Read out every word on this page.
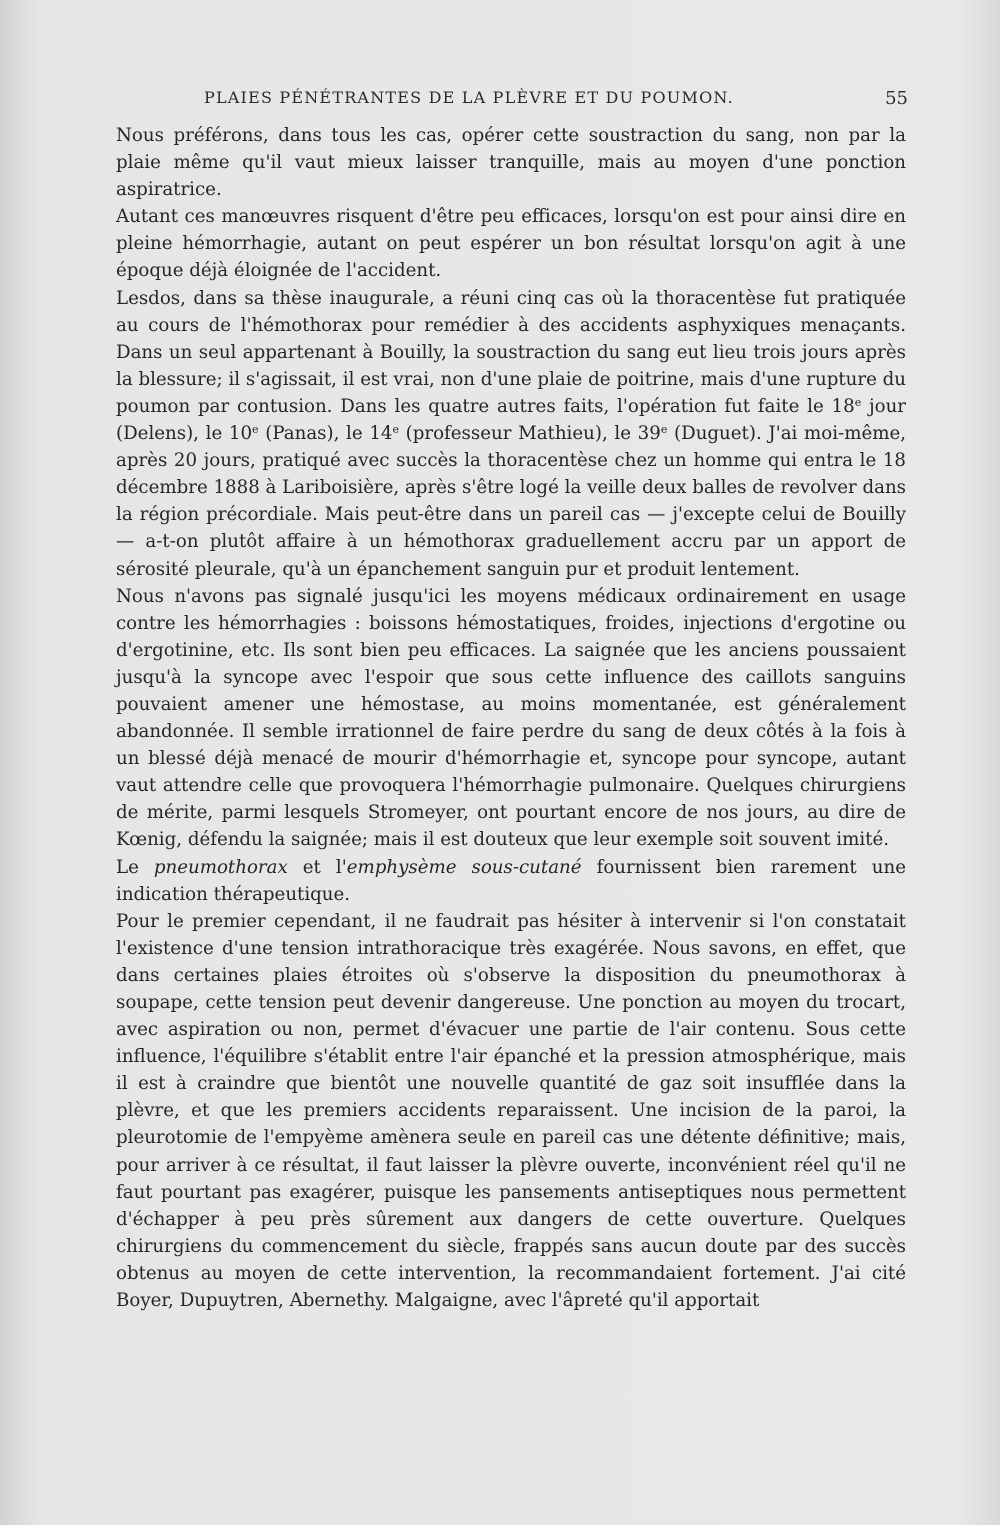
PLAIES PÉNÉTRANTES DE LA PLÈVRE ET DU POUMON.	55

Nous préférons, dans tous les cas, opérer cette soustraction du sang, non par la plaie même qu'il vaut mieux laisser tranquille, mais au moyen d'une ponction aspiratrice.

Autant ces manœuvres risquent d'être peu efficaces, lorsqu'on est pour ainsi dire en pleine hémorrhagie, autant on peut espérer un bon résultat lorsqu'on agit à une époque déjà éloignée de l'accident.

Lesdos, dans sa thèse inaugurale, a réuni cinq cas où la thoracentèse fut pratiquée au cours de l'hémothorax pour remédier à des accidents asphyxiques menaçants. Dans un seul appartenant à Bouilly, la soustraction du sang eut lieu trois jours après la blessure; il s'agissait, il est vrai, non d'une plaie de poitrine, mais d'une rupture du poumon par contusion. Dans les quatre autres faits, l'opération fut faite le 18e jour (Delens), le 10e (Panas), le 14e (professeur Mathieu), le 39e (Duguet). J'ai moi-même, après 20 jours, pratiqué avec succès la thoracentèse chez un homme qui entra le 18 décembre 1888 à Lariboisière, après s'être logé la veille deux balles de revolver dans la région précordiale. Mais peut-être dans un pareil cas — j'excepte celui de Bouilly — a-t-on plutôt affaire à un hémothorax graduellement accru par un apport de sérosité pleurale, qu'à un épanchement sanguin pur et produit lentement.

Nous n'avons pas signalé jusqu'ici les moyens médicaux ordinairement en usage contre les hémorrhagies : boissons hémostatiques, froides, injections d'ergotine ou d'ergotinine, etc. Ils sont bien peu efficaces. La saignée que les anciens poussaient jusqu'à la syncope avec l'espoir que sous cette influence des caillots sanguins pouvaient amener une hémostase, au moins momentanée, est généralement abandonnée. Il semble irrationnel de faire perdre du sang de deux côtés à la fois à un blessé déjà menacé de mourir d'hémorrhagie et, syncope pour syncope, autant vaut attendre celle que provoquera l'hémorrhagie pulmonaire. Quelques chirurgiens de mérite, parmi lesquels Stromeyer, ont pourtant encore de nos jours, au dire de Kœnig, défendu la saignée; mais il est douteux que leur exemple soit souvent imité.

Le pneumothorax et l'emphysème sous-cutané fournissent bien rarement une indication thérapeutique.

Pour le premier cependant, il ne faudrait pas hésiter à intervenir si l'on constatait l'existence d'une tension intrathoracique très exagérée. Nous savons, en effet, que dans certaines plaies étroites où s'observe la disposition du pneumothorax à soupape, cette tension peut devenir dangereuse. Une ponction au moyen du trocart, avec aspiration ou non, permet d'évacuer une partie de l'air contenu. Sous cette influence, l'équilibre s'établit entre l'air épanché et la pression atmosphérique, mais il est à craindre que bientôt une nouvelle quantité de gaz soit insufflée dans la plèvre, et que les premiers accidents reparaissent. Une incision de la paroi, la pleurotomie de l'empyème amènera seule en pareil cas une détente définitive; mais, pour arriver à ce résultat, il faut laisser la plèvre ouverte, inconvénient réel qu'il ne faut pourtant pas exagérer, puisque les pansements antiseptiques nous permettent d'échapper à peu près sûrement aux dangers de cette ouverture. Quelques chirurgiens du commencement du siècle, frappés sans aucun doute par des succès obtenus au moyen de cette intervention, la recommandaient fortement. J'ai cité Boyer, Dupuytren, Abernethy. Malgaigne, avec l'âpreté qu'il apportait
